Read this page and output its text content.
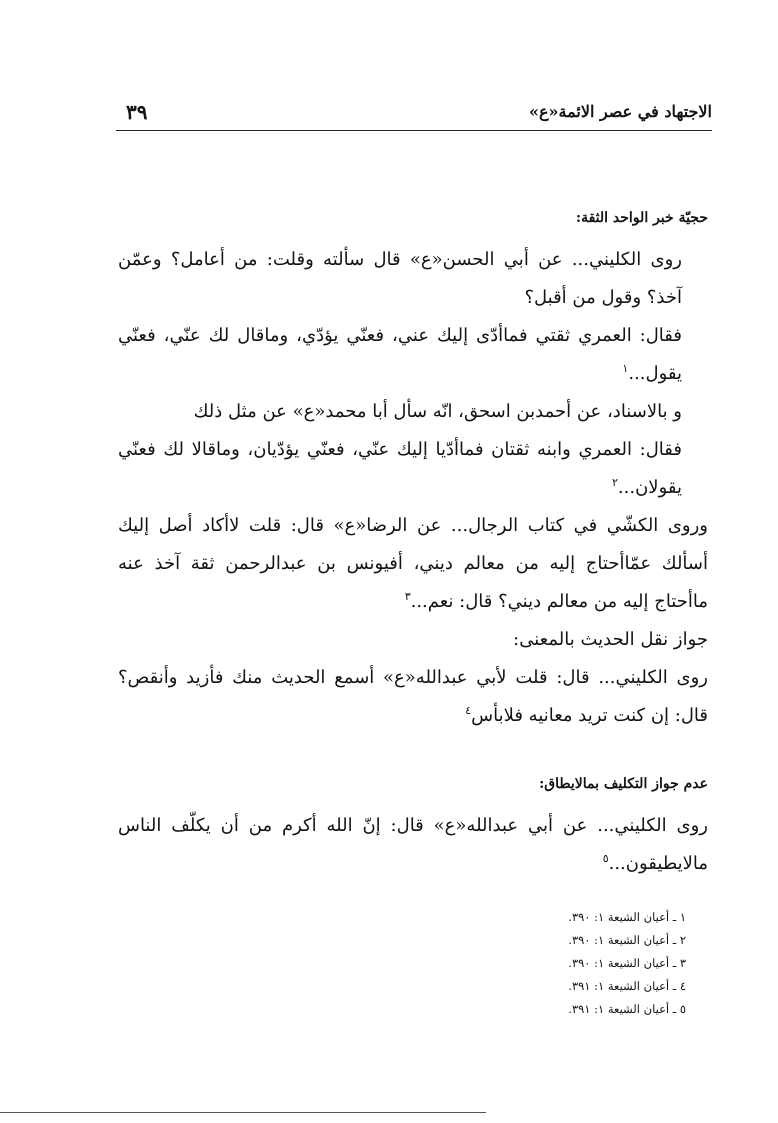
٣٩	الاجتهاد في عصر الائمة«ع»

حجيّة خبر الواحد الثقة:

روى الكليني... عن أبي الحسن«ع» قال سألته وقلت: من أعامل؟ وعمّن آخذ؟ وقول من أقبل؟

فقال: العمري ثقتي فماأدّى إليك عني، فعنّي يؤدّي، وماقال لك عنّي، فعنّي يقول...$^١$

و بالاسناد، عن أحمدبن اسحق، انّه سأل أبا محمد«ع» عن مثل ذلك

فقال: العمري وابنه ثقتان فماأدّيا إليك عنّي، فعنّي يؤدّيان، وماقالا لك فعنّي يقولان...$^٢$

وروى الكشّي في كتاب الرجال... عن الرضا«ع» قال: قلت لاأكاد أصل إليك أسألك عمّاأحتاج إليه من معالم ديني، أفيونس بن عبدالرحمن ثقة آخذ عنه ماأحتاج إليه من معالم ديني؟ قال: نعم...$^٣$

جواز نقل الحديث بالمعنى:

روى الكليني... قال: قلت لأبي عبدالله«ع» أسمع الحديث منك فأزيد وأنقص؟ قال: إن كنت تريد معانيه فلابأس$^٤$

عدم جواز التكليف بمالايطاق:

روى الكليني... عن أبي عبدالله«ع» قال: إنّ الله أكرم من أن يكلّف الناس مالايطيقون...$^٥$

١ ـ أعيان الشيعة ١: ٣٩٠.
٢ ـ أعيان الشيعة ١: ٣٩٠.
٣ ـ أعيان الشيعة ١: ٣٩٠.
٤ ـ أعيان الشيعة ١: ٣٩١.
٥ ـ أعيان الشيعة ١: ٣٩١.
